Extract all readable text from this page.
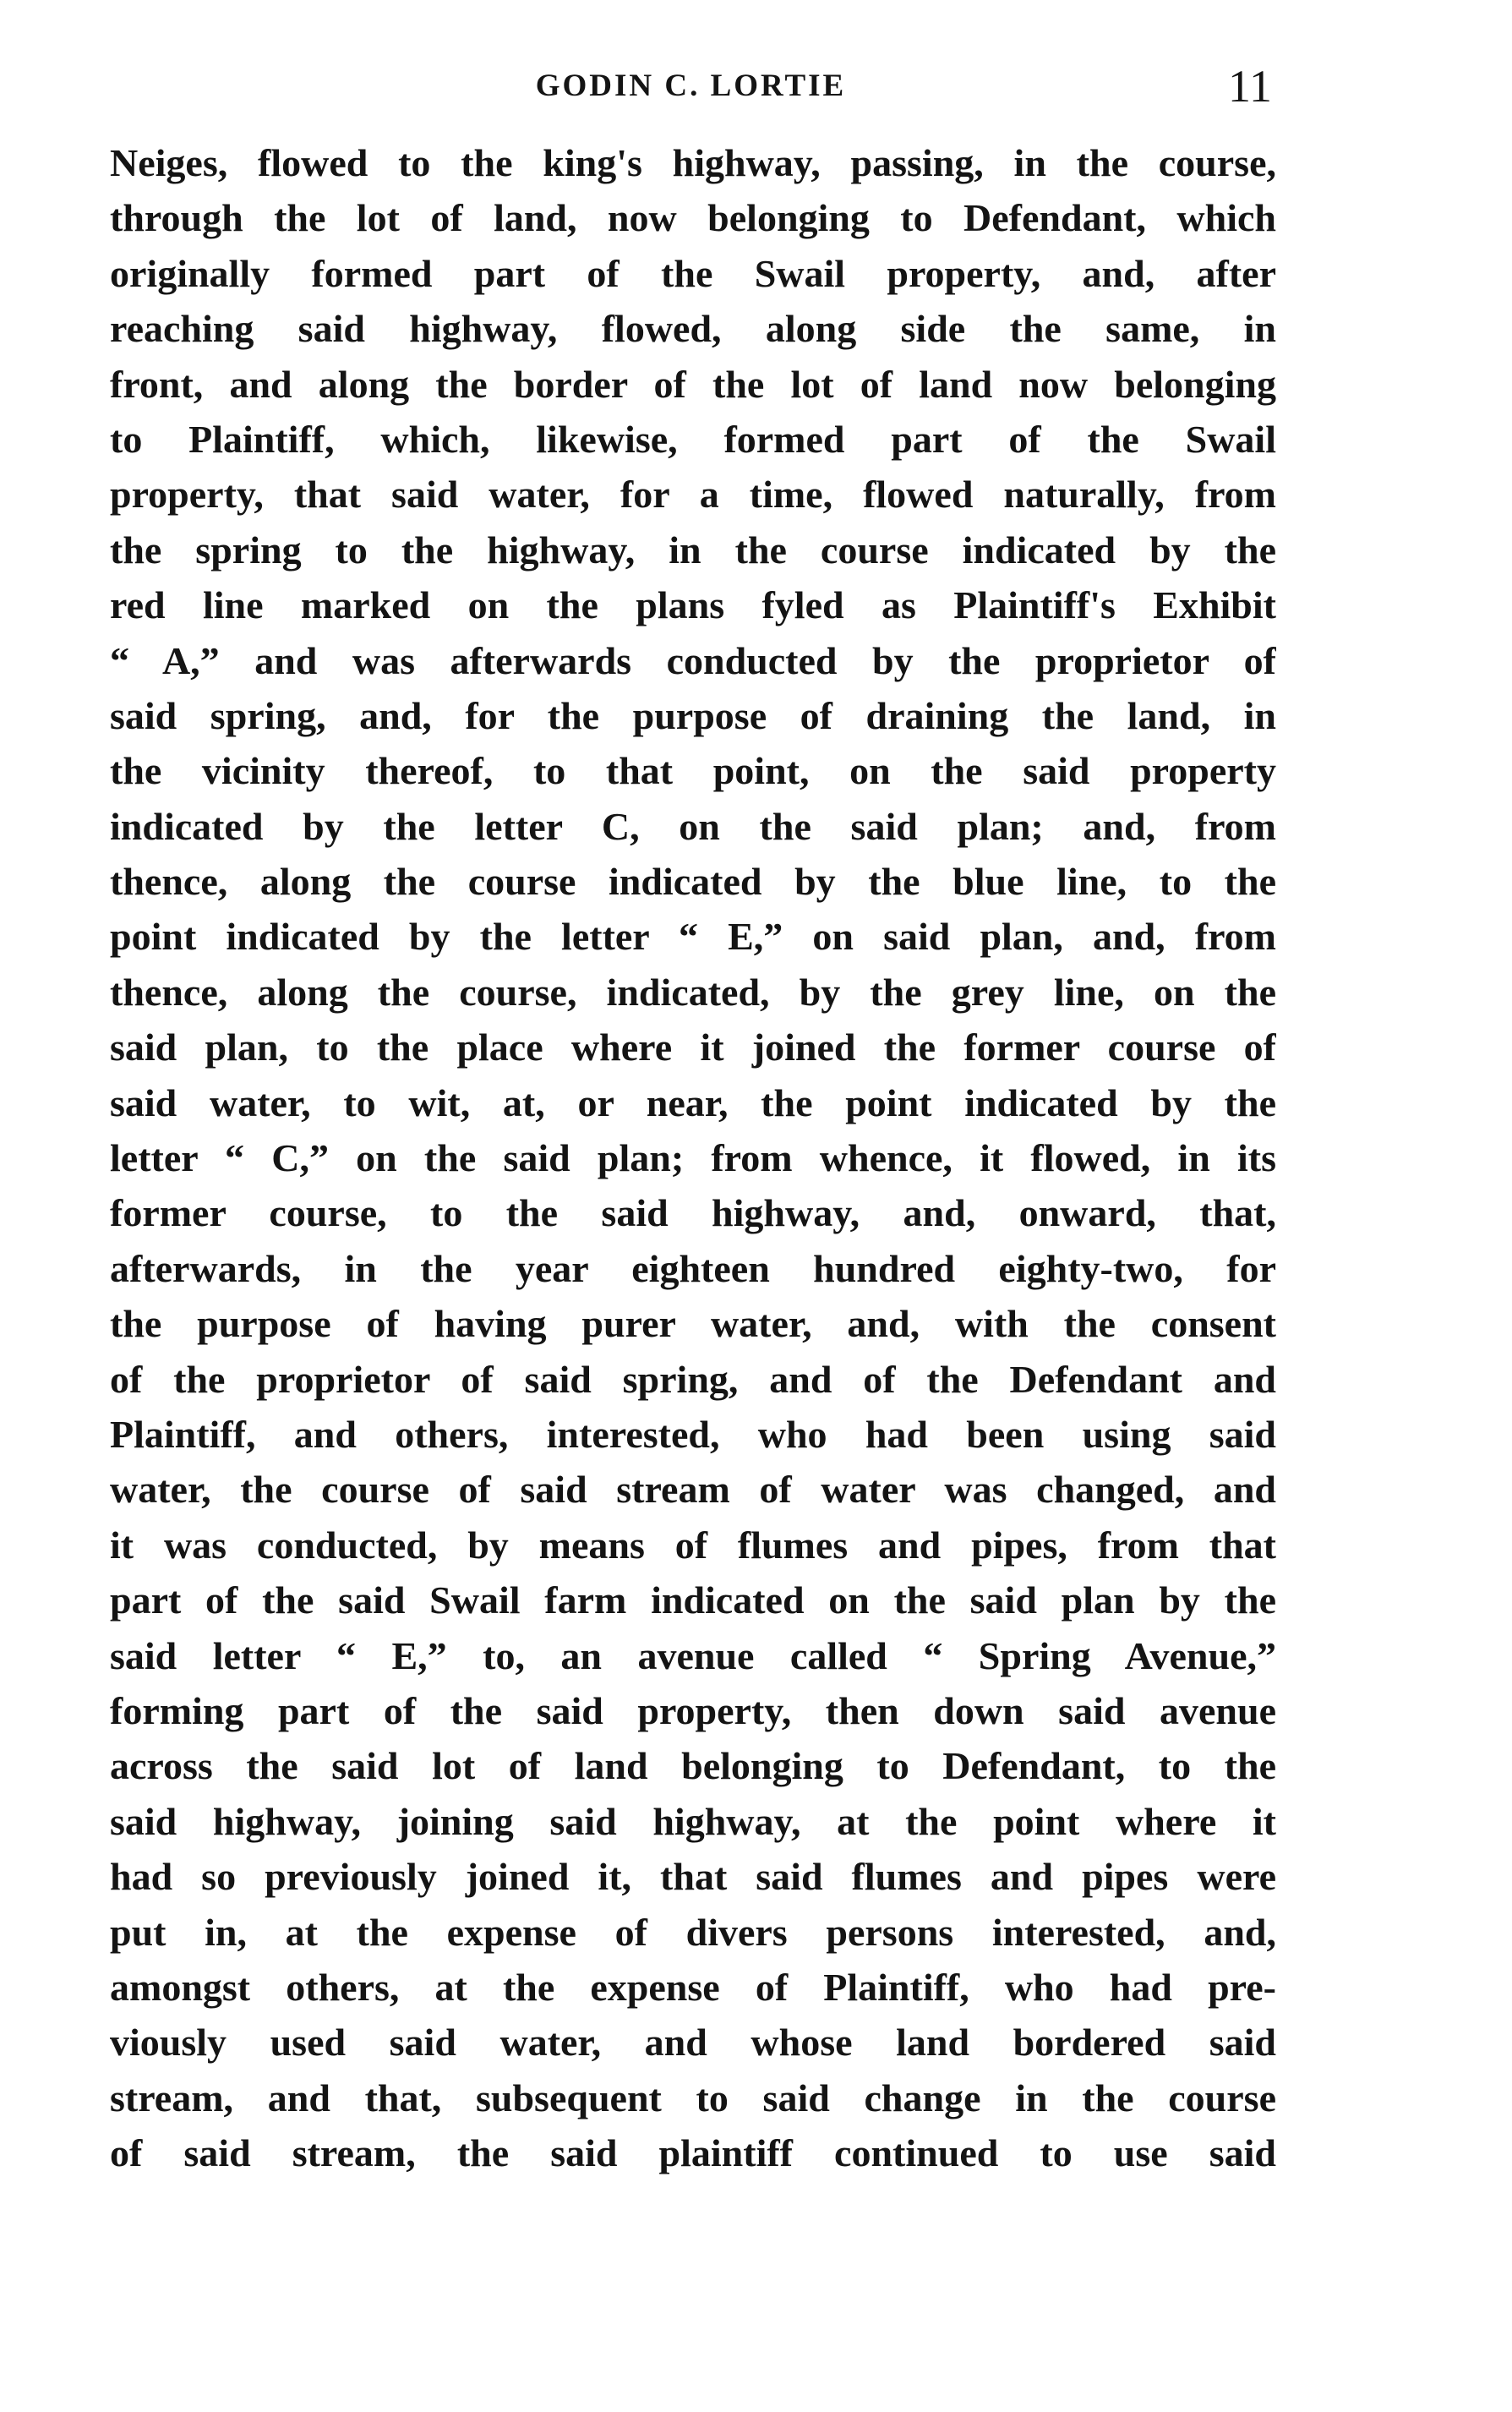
GODIN C. LORTIE	11
Neiges, flowed to the king's highway, passing, in the course,
through the lot of land, now belonging to Defendant, which
originally formed part of the Swail property, and, after
reaching said highway, flowed, along side the same, in
front, and along the border of the lot of land now belonging
to Plaintiff, which, likewise, formed part of the Swail
property, that said water, for a time, flowed naturally, from
the spring to the highway, in the course indicated by the
red line marked on the plans fyled as Plaintiff's Exhibit
“ A,” and was afterwards conducted by the proprietor of
said spring, and, for the purpose of draining the land, in
the vicinity thereof, to that point, on the said property
indicated by the letter C, on the said plan; and, from
thence, along the course indicated by the blue line, to the
point indicated by the letter “ E,” on said plan, and, from
thence, along the course, indicated, by the grey line, on the
said plan, to the place where it joined the former course of
said water, to wit, at, or near, the point indicated by the
letter “ C,” on the said plan; from whence, it flowed, in its
former course, to the said highway, and, onward, that,
afterwards, in the year eighteen hundred eighty-two, for
the purpose of having purer water, and, with the consent
of the proprietor of said spring, and of the Defendant and
Plaintiff, and others, interested, who had been using said
water, the course of said stream of water was changed, and
it was conducted, by means of flumes and pipes, from that
part of the said Swail farm indicated on the said plan by the
said letter “ E,” to, an avenue called “ Spring Avenue,”
forming part of the said property, then down said avenue
across the said lot of land belonging to Defendant, to the
said highway, joining said highway, at the point where it
had so previously joined it, that said flumes and pipes were
put in, at the expense of divers persons interested, and,
amongst others, at the expense of Plaintiff, who had pre-
viously used said water, and whose land bordered said
stream, and that, subsequent to said change in the course
of said stream, the said plaintiff continued to use said
